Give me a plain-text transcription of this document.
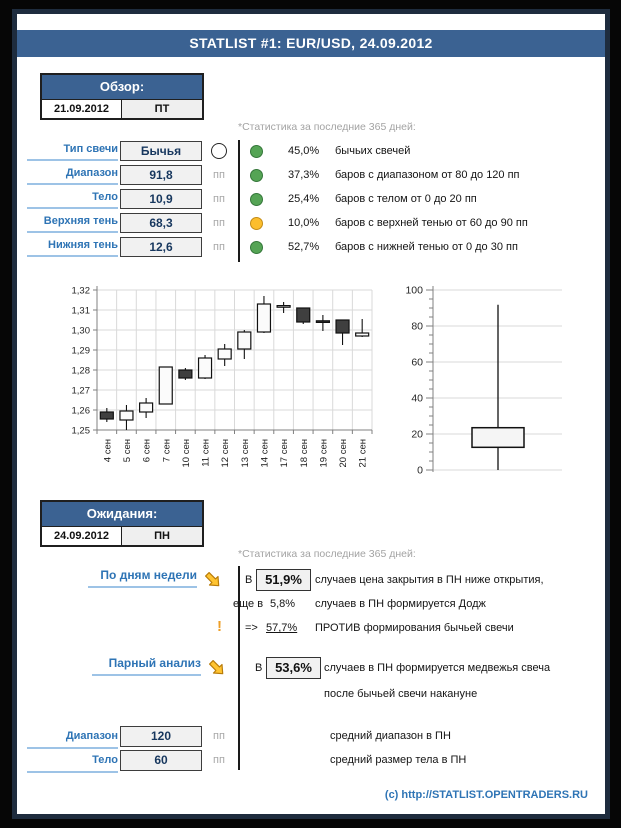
STATLIST #1: EUR/USD, 24.09.2012
Обзор:
21.09.2012	ПТ
*Статистика за последние 365 дней:
Тип свечи	Бычья
Диапазон	91,8	пп
Тело	10,9	пп
Верхняя тень	68,3	пп
Нижняя тень	12,6	пп
45,0% бычьих свечей
37,3% баров с диапазоном от 80 до 120 пп
25,4% баров с телом от 0 до 20 пп
10,0% баров с верхней тенью от 60 до 90 пп
52,7% баров с нижней тенью от 0 до 30 пп
1,32
1,31
1,30
1,29
1,28
1,27
1,26
1,25
4 сен 5 сен 6 сен 7 сен 10 сен 11 сен 12 сен 13 сен 14 сен 17 сен 18 сен 19 сен 20 сен 21 сен
0
20
40
60
80
100
Ожидания:
24.09.2012	ПН
*Статистика за последние 365 дней:
По дням недели	В 51,9%	случаев цена закрытия в ПН ниже открытия,
еще в 5,8% случаев в ПН формируется Додж
! => 57,7% ПРОТИВ формирования бычьей свечи
Парный анализ	В 53,6%	случаев в ПН формируется медвежья свеча
после бычьей свечи накануне
Диапазон	120	пп	средний диапазон в ПН
Тело	60	пп	средний размер тела в ПН
(c) http://STATLIST.OPENTRADERS.RU
